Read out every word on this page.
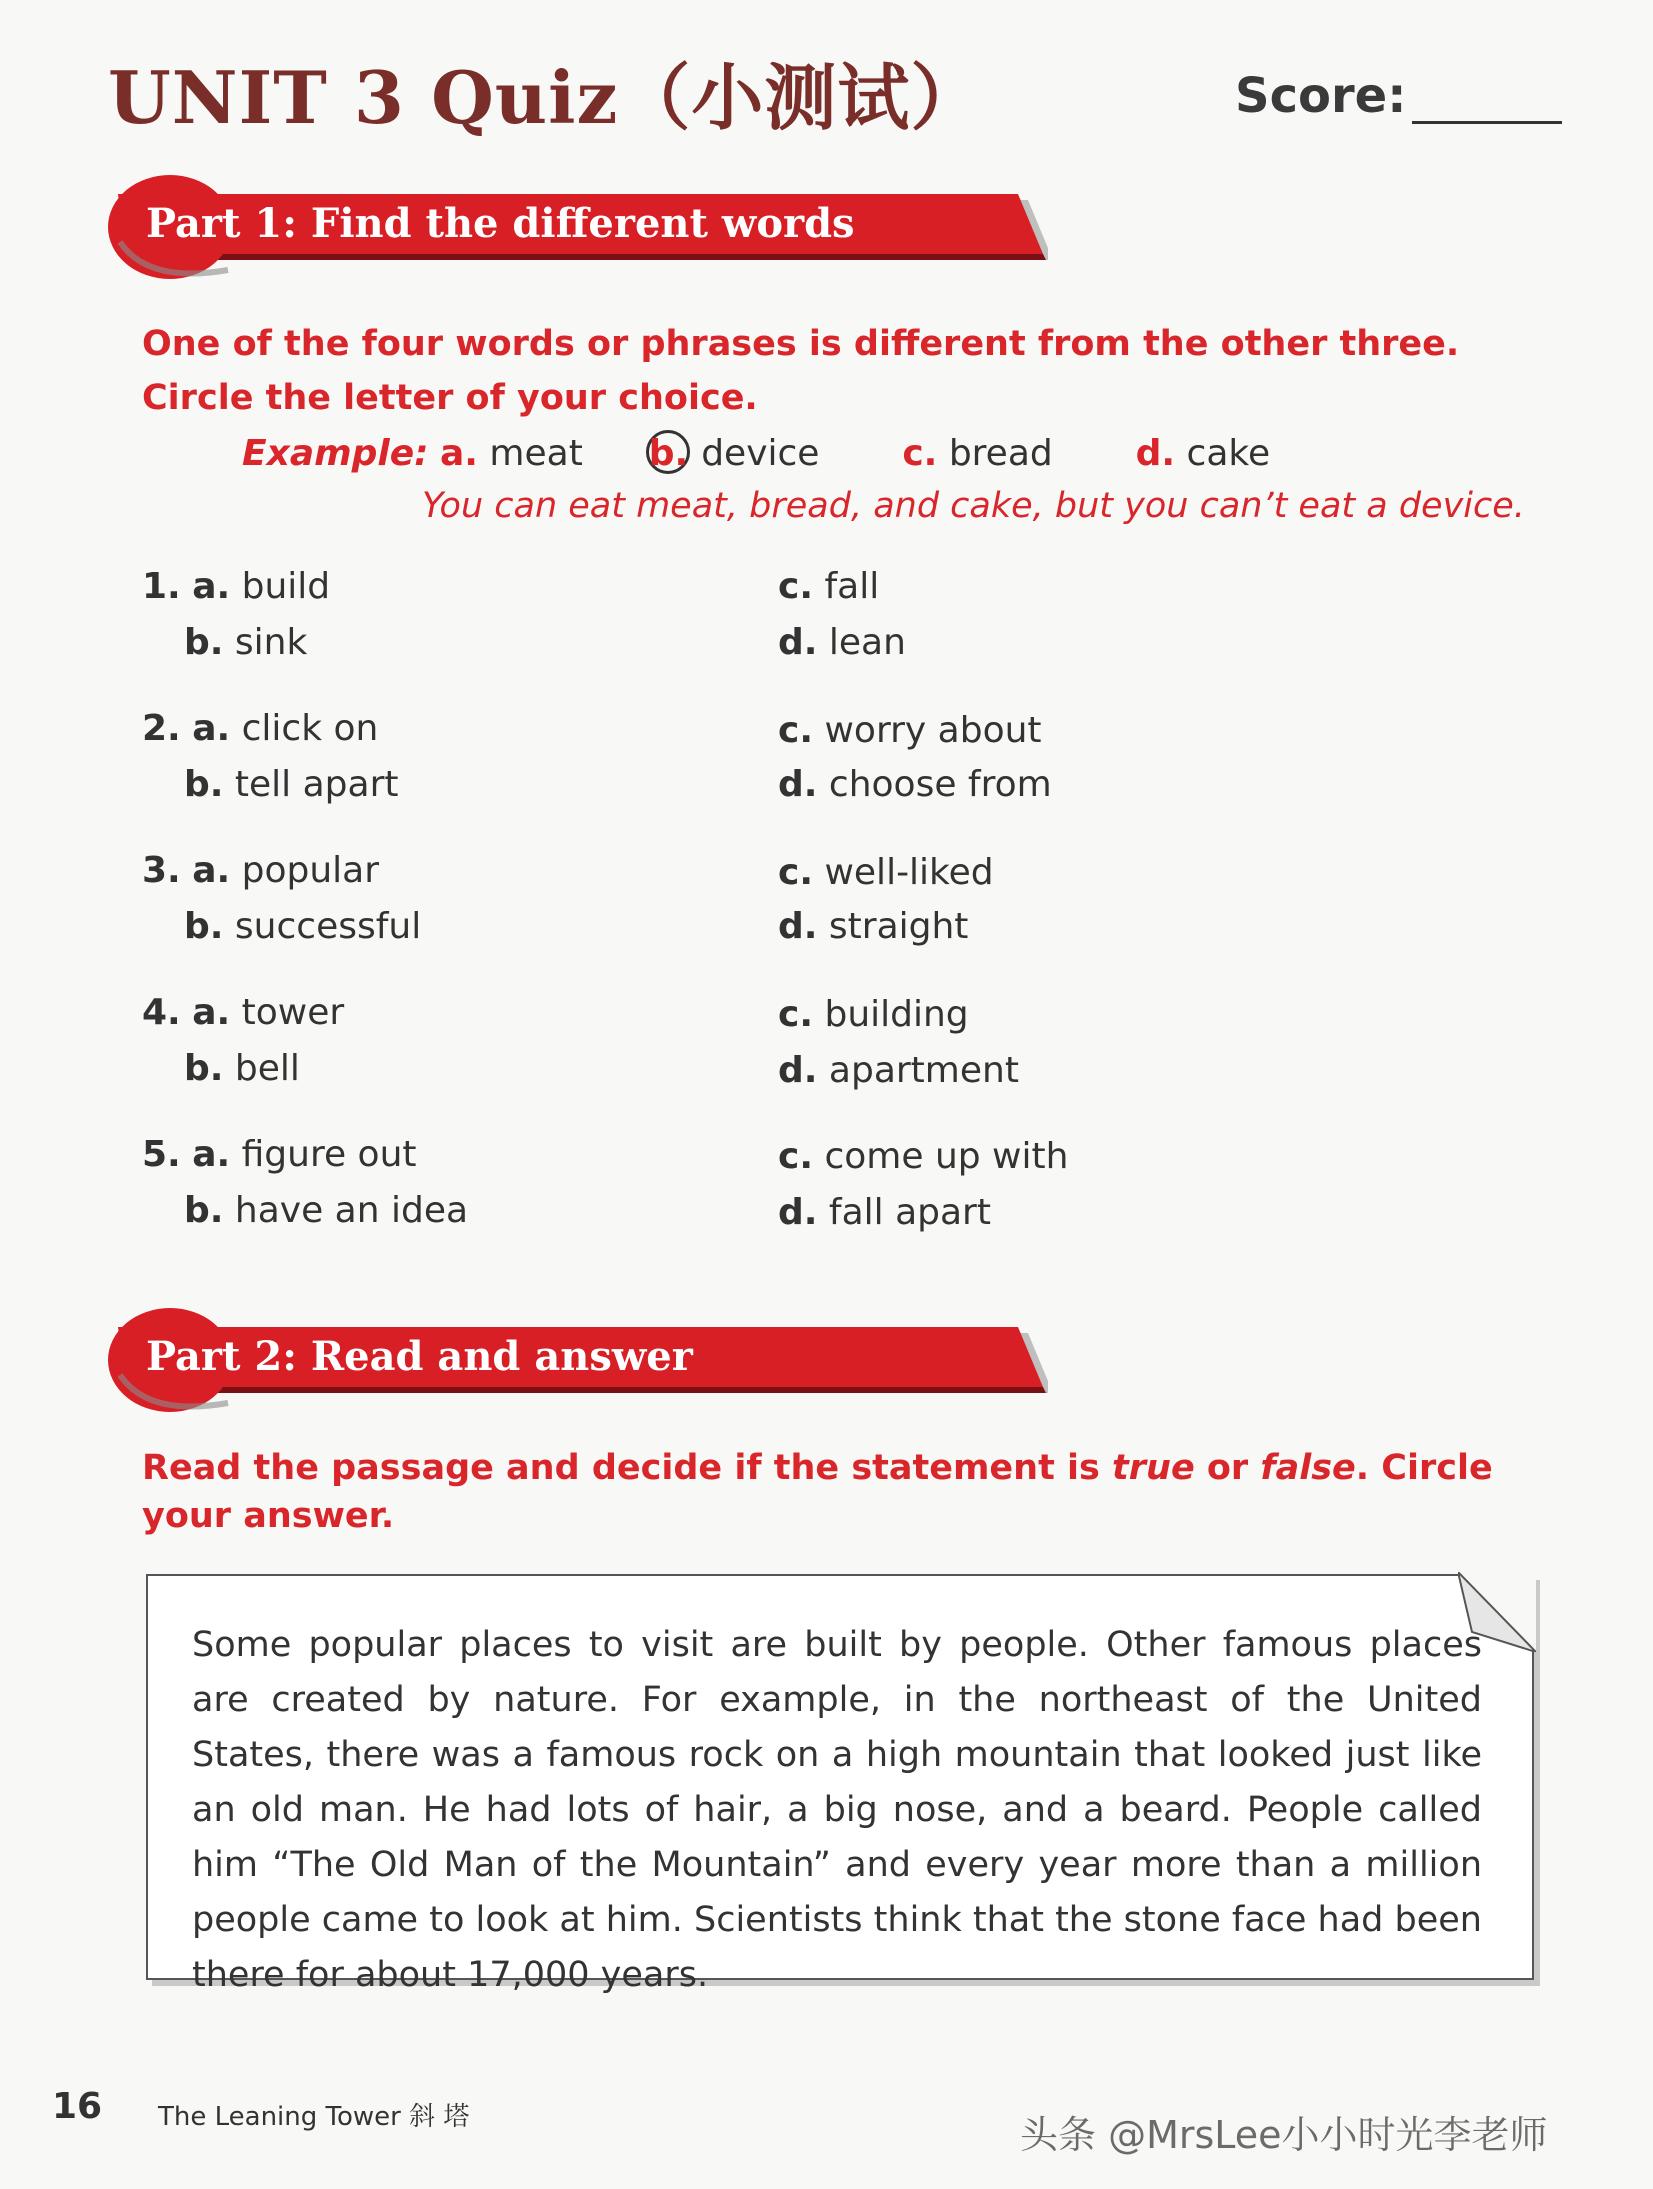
UNIT 3 Quiz（小测试）	Score:
Part 1: Find the different words
One of the four words or phrases is different from the other three. Circle the letter of your choice.
Example: a. meat b. device c. bread d. cake
You can eat meat, bread, and cake, but you can’t eat a device.
1. a. build
b. sink
c. fall
d. lean
2. a. click on
b. tell apart
c. worry about
d. choose from
3. a. popular
b. successful
c. well-liked
d. straight
4. a. tower
b. bell
c. building
d. apartment
5. a. figure out
b. have an idea
c. come up with
d. fall apart
Part 2: Read and answer
Read the passage and decide if the statement is true or false. Circle your answer.
Some popular places to visit are built by people. Other famous places are created by nature. For example, in the northeast of the United States, there was a famous rock on a high mountain that looked just like an old man. He had lots of hair, a big nose, and a beard. People called him “The Old Man of the Mountain” and every year more than a million people came to look at him. Scientists think that the stone face had been there for about 17,000 years.
16 The Leaning Tower 斜 塔	头条 @MrsLee小小时光李老师
